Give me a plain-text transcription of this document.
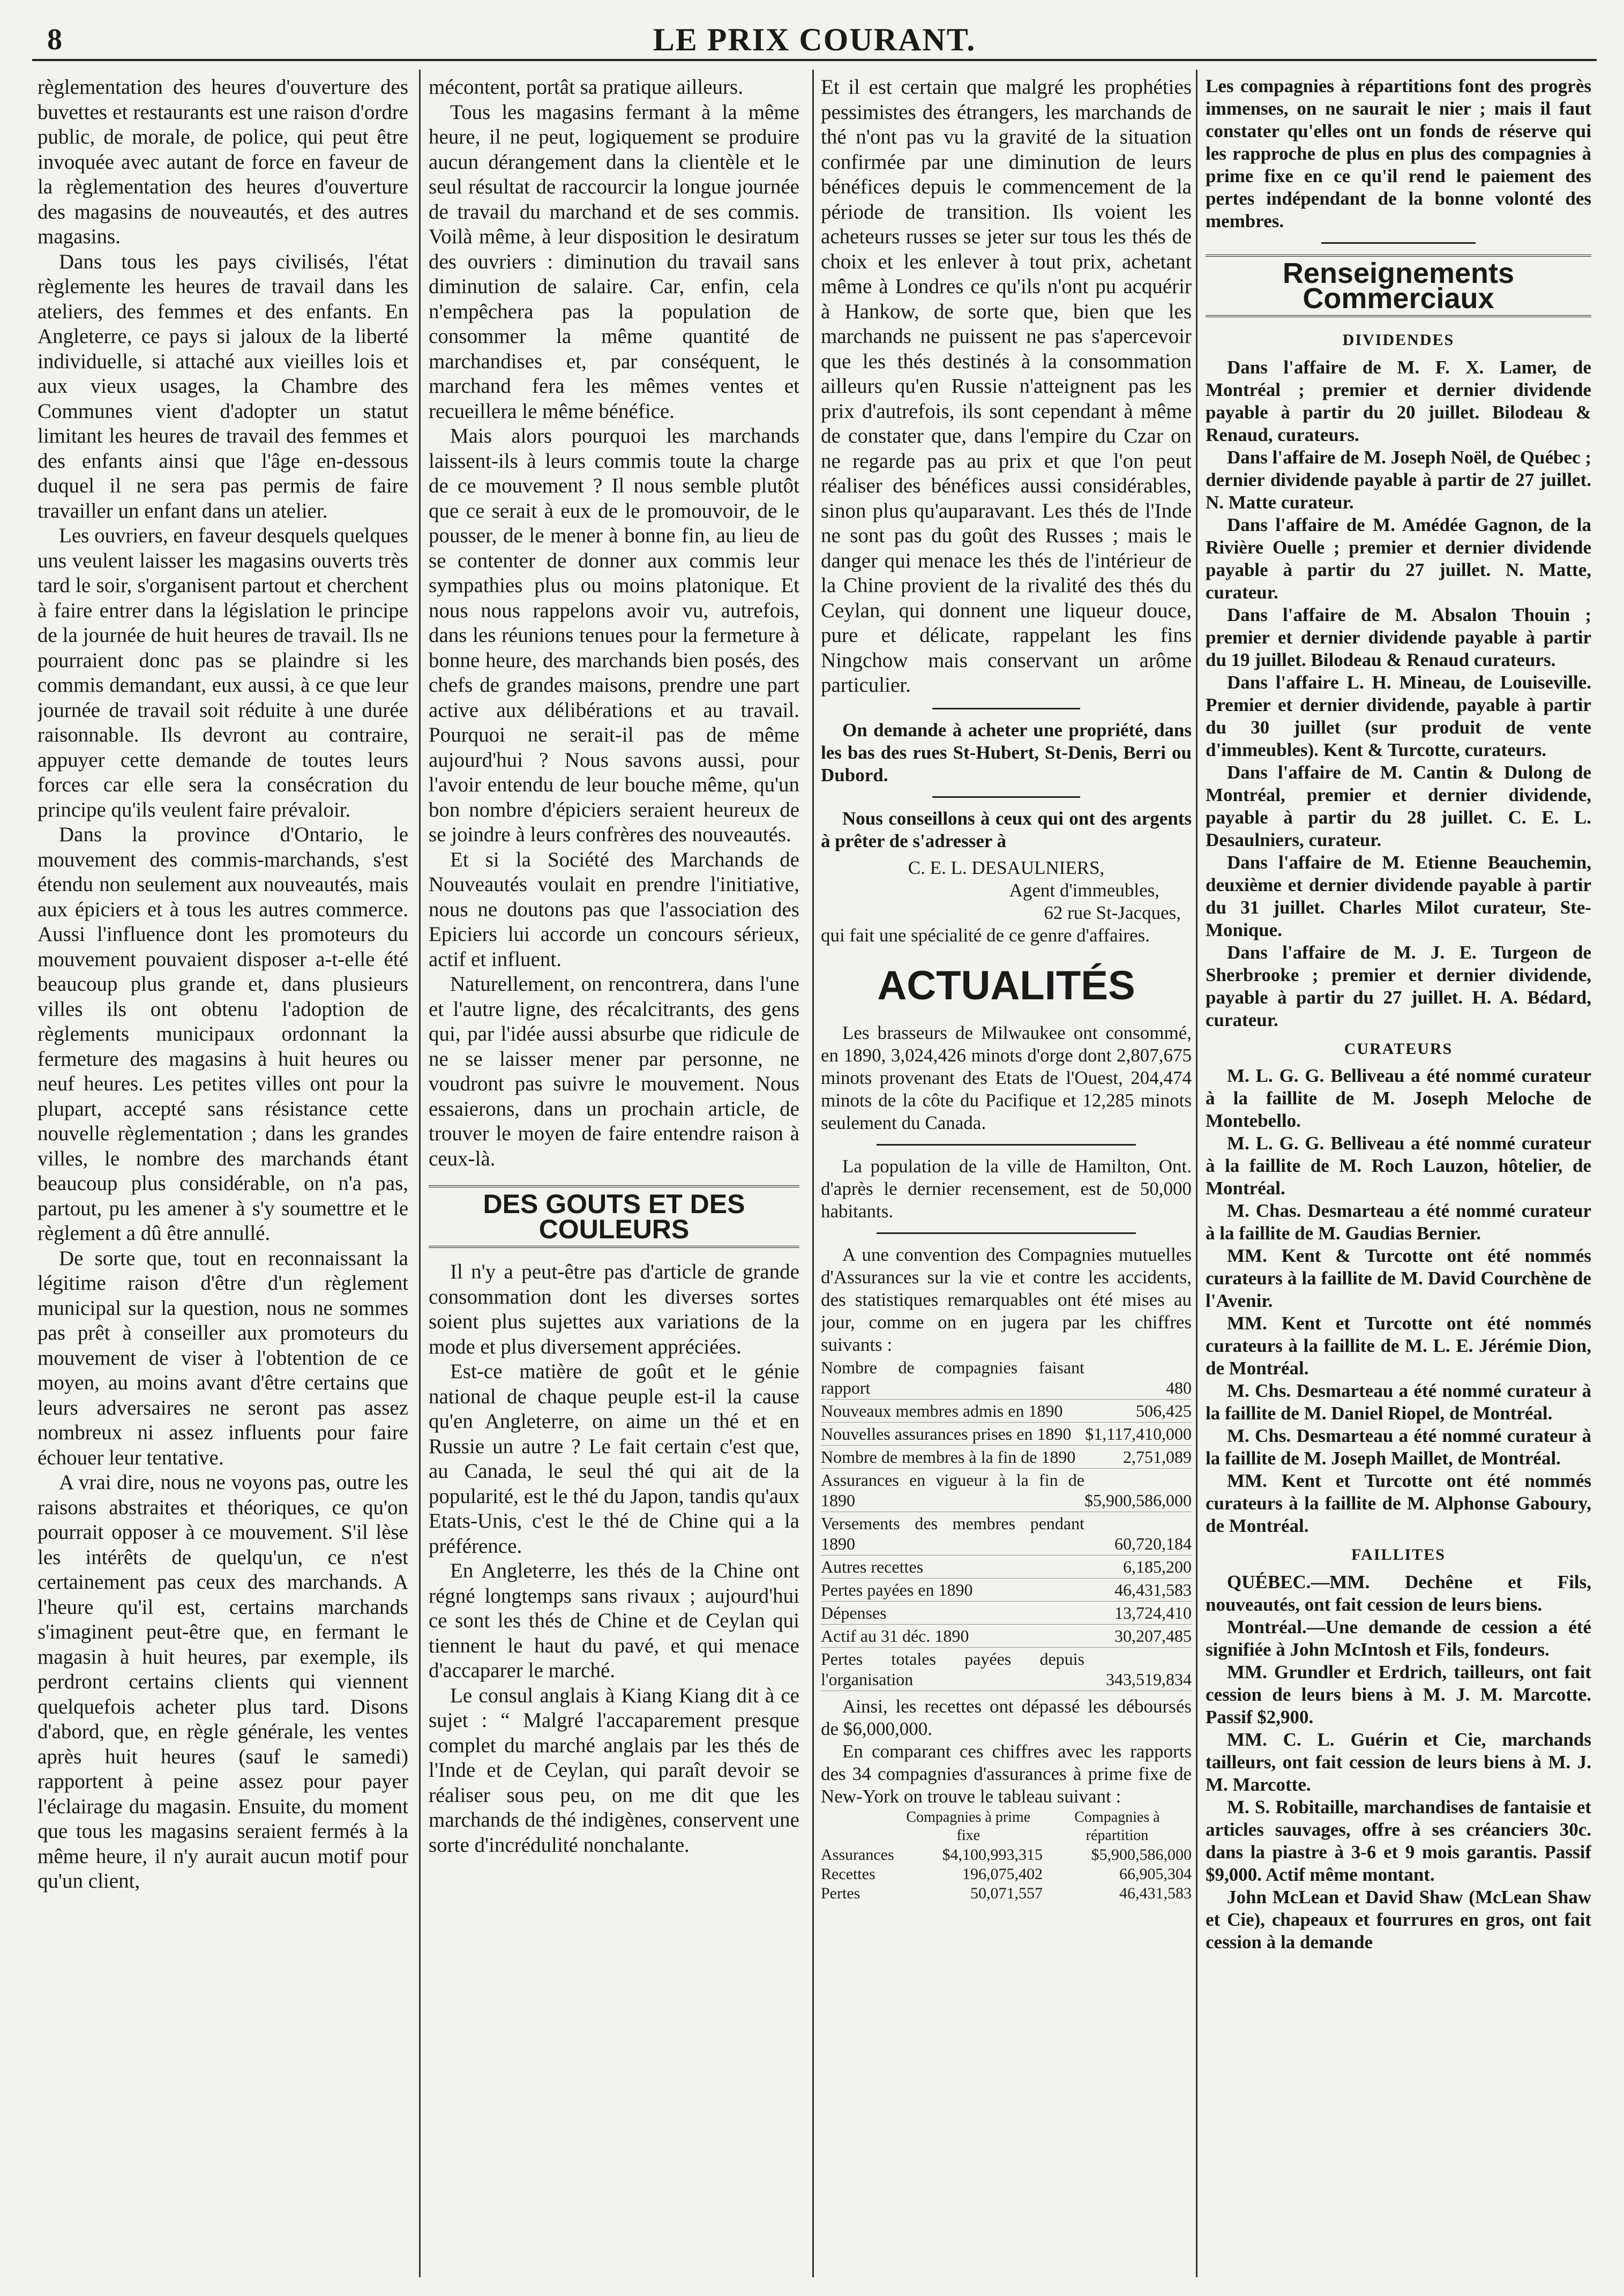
8	LE PRIX COURANT.

règlementation des heures d'ouverture des buvettes et restaurants est une raison d'ordre public, de morale, de police, qui peut être invoquée avec autant de force en faveur de la règlementation des heures d'ouverture des magasins de nouveautés, et des autres magasins.

Dans tous les pays civilisés, l'état règlemente les heures de travail dans les ateliers, des femmes et des enfants. En Angleterre, ce pays si jaloux de la liberté individuelle, si attaché aux vieilles lois et aux vieux usages, la Chambre des Communes vient d'adopter un statut limitant les heures de travail des femmes et des enfants ainsi que l'âge en-dessous duquel il ne sera pas permis de faire travailler un enfant dans un atelier.

Les ouvriers, en faveur desquels quelques uns veulent laisser les magasins ouverts très tard le soir, s'organisent partout et cherchent à faire entrer dans la législation le principe de la journée de huit heures de travail. Ils ne pourraient donc pas se plaindre si les commis demandant, eux aussi, à ce que leur journée de travail soit réduite à une durée raisonnable. Ils devront au contraire, appuyer cette demande de toutes leurs forces car elle sera la consécration du principe qu'ils veulent faire prévaloir.

Dans la province d'Ontario, le mouvement des commis-marchands, s'est étendu non seulement aux nouveautés, mais aux épiciers et à tous les autres commerce. Aussi l'influence dont les promoteurs du mouvement pouvaient disposer a-t-elle été beaucoup plus grande et, dans plusieurs villes ils ont obtenu l'adoption de règlements municipaux ordonnant la fermeture des magasins à huit heures ou neuf heures. Les petites villes ont pour la plupart, accepté sans résistance cette nouvelle règlementation ; dans les grandes villes, le nombre des marchands étant beaucoup plus considérable, on n'a pas, partout, pu les amener à s'y soumettre et le règlement a dû être annullé.

De sorte que, tout en reconnaissant la légitime raison d'être d'un règlement municipal sur la question, nous ne sommes pas prêt à conseiller aux promoteurs du mouvement de viser à l'obtention de ce moyen, au moins avant d'être certains que leurs adversaires ne seront pas assez nombreux ni assez influents pour faire échouer leur tentative.

A vrai dire, nous ne voyons pas, outre les raisons abstraites et théoriques, ce qu'on pourrait opposer à ce mouvement. S'il lèse les intérêts de quelqu'un, ce n'est certainement pas ceux des marchands. A l'heure qu'il est, certains marchands s'imaginent peut-être que, en fermant le magasin à huit heures, par exemple, ils perdront certains clients qui viennent quelquefois acheter plus tard. Disons d'abord, que, en règle générale, les ventes après huit heures (sauf le samedi) rapportent à peine assez pour payer l'éclairage du magasin. Ensuite, du moment que tous les magasins seraient fermés à la même heure, il n'y aurait aucun motif pour qu'un client,

mécontent, portât sa pratique ailleurs.

Tous les magasins fermant à la même heure, il ne peut, logiquement se produire aucun dérangement dans la clientèle et le seul résultat de raccourcir la longue journée de travail du marchand et de ses commis. Voilà même, à leur disposition le desiratum des ouvriers : diminution du travail sans diminution de salaire. Car, enfin, cela n'empêchera pas la population de consommer la même quantité de marchandises et, par conséquent, le marchand fera les mêmes ventes et recueillera le même bénéfice.

Mais alors pourquoi les marchands laissent-ils à leurs commis toute la charge de ce mouvement ? Il nous semble plutôt que ce serait à eux de le promouvoir, de le pousser, de le mener à bonne fin, au lieu de se contenter de donner aux commis leur sympathies plus ou moins platonique. Et nous nous rappelons avoir vu, autrefois, dans les réunions tenues pour la fermeture à bonne heure, des marchands bien posés, des chefs de grandes maisons, prendre une part active aux délibérations et au travail. Pourquoi ne serait-il pas de même aujourd'hui ? Nous savons aussi, pour l'avoir entendu de leur bouche même, qu'un bon nombre d'épiciers seraient heureux de se joindre à leurs confrères des nouveautés.

Et si la Société des Marchands de Nouveautés voulait en prendre l'initiative, nous ne doutons pas que l'association des Epiciers lui accorde un concours sérieux, actif et influent.

Naturellement, on rencontrera, dans l'une et l'autre ligne, des récalcitrants, des gens qui, par l'idée aussi absurbe que ridicule de ne se laisser mener par personne, ne voudront pas suivre le mouvement. Nous essaierons, dans un prochain article, de trouver le moyen de faire entendre raison à ceux-là.

DES GOUTS ET DES COULEURS

Il n'y a peut-être pas d'article de grande consommation dont les diverses sortes soient plus sujettes aux variations de la mode et plus diversement appréciées.

Est-ce matière de goût et le génie national de chaque peuple est-il la cause qu'en Angleterre, on aime un thé et en Russie un autre ? Le fait certain c'est que, au Canada, le seul thé qui ait de la popularité, est le thé du Japon, tandis qu'aux Etats-Unis, c'est le thé de Chine qui a la préférence.

En Angleterre, les thés de la Chine ont régné longtemps sans rivaux ; aujourd'hui ce sont les thés de Chine et de Ceylan qui tiennent le haut du pavé, et qui menace d'accaparer le marché.

Le consul anglais à Kiang Kiang dit à ce sujet : “ Malgré l'accaparement presque complet du marché anglais par les thés de l'Inde et de Ceylan, qui paraît devoir se réaliser sous peu, on me dit que les marchands de thé indigènes, conservent une sorte d'incrédulité nonchalante.

Et il est certain que malgré les prophéties pessimistes des étrangers, les marchands de thé n'ont pas vu la gravité de la situation confirmée par une diminution de leurs bénéfices depuis le commencement de la période de transition. Ils voient les acheteurs russes se jeter sur tous les thés de choix et les enlever à tout prix, achetant même à Londres ce qu'ils n'ont pu acquérir à Hankow, de sorte que, bien que les marchands ne puissent ne pas s'apercevoir que les thés destinés à la consommation ailleurs qu'en Russie n'atteignent pas les prix d'autrefois, ils sont cependant à même de constater que, dans l'empire du Czar on ne regarde pas au prix et que l'on peut réaliser des bénéfices aussi considérables, sinon plus qu'auparavant. Les thés de l'Inde ne sont pas du goût des Russes ; mais le danger qui menace les thés de l'intérieur de la Chine provient de la rivalité des thés du Ceylan, qui donnent une liqueur douce, pure et délicate, rappelant les fins Ningchow mais conservant un arôme particulier.

On demande à acheter une propriété, dans les bas des rues St-Hubert, St-Denis, Berri ou Dubord.

Nous conseillons à ceux qui ont des argents à prêter de s'adresser à

C. E. L. DESAULNIERS,
Agent d'immeubles,
62 rue St-Jacques,

qui fait une spécialité de ce genre d'affaires.

ACTUALITÉS

Les brasseurs de Milwaukee ont consommé, en 1890, 3,024,426 minots d'orge dont 2,807,675 minots provenant des Etats de l'Ouest, 204,474 minots de la côte du Pacifique et 12,285 minots seulement du Canada.

La population de la ville de Hamilton, Ont. d'après le dernier recensement, est de 50,000 habitants.

A une convention des Compagnies mutuelles d'Assurances sur la vie et contre les accidents, des statistiques remarquables ont été mises au jour, comme on en jugera par les chiffres suivants :

Nombre de compagnies faisant rapport	480
Nouveaux membres admis en 1890	506,425
Nouvelles assurances prises en 1890	$1,117,410,000
Nombre de membres à la fin de 1890	2,751,089
Assurances en vigueur à la fin de 1890	$5,900,586,000
Versements des membres pendant 1890	60,720,184
Autres recettes	6,185,200
Pertes payées en 1890	46,431,583
Dépenses	13,724,410
Actif au 31 déc. 1890	30,207,485
Pertes totales payées depuis l'organisation	343,519,834

Ainsi, les recettes ont dépassé les déboursés de $6,000,000.

En comparant ces chiffres avec les rapports des 34 compagnies d'assurances à prime fixe de New-York on trouve le tableau suivant :

	Compagnies à prime fixe	Compagnies à répartition
Assurances	$4,100,993,315	$5,900,586,000
Recettes	196,075,402	66,905,304
Pertes	50,071,557	46,431,583

Les compagnies à répartitions font des progrès immenses, on ne saurait le nier ; mais il faut constater qu'elles ont un fonds de réserve qui les rapproche de plus en plus des compagnies à prime fixe en ce qu'il rend le paiement des pertes indépendant de la bonne volonté des membres.

Renseignements Commerciaux
DIVIDENDES

Dans l'affaire de M. F. X. Lamer, de Montréal ; premier et dernier dividende payable à partir du 20 juillet. Bilodeau & Renaud, curateurs.

Dans l'affaire de M. Joseph Noël, de Québec ; dernier dividende payable à partir de 27 juillet. N. Matte curateur.

Dans l'affaire de M. Amédée Gagnon, de la Rivière Ouelle ; premier et dernier dividende payable à partir du 27 juillet. N. Matte, curateur.

Dans l'affaire de M. Absalon Thouin ; premier et dernier dividende payable à partir du 19 juillet. Bilodeau & Renaud curateurs.

Dans l'affaire L. H. Mineau, de Louiseville. Premier et dernier dividende, payable à partir du 30 juillet (sur produit de vente d'immeubles). Kent & Turcotte, curateurs.

Dans l'affaire de M. Cantin & Dulong de Montréal, premier et dernier dividende, payable à partir du 28 juillet. C. E. L. Desaulniers, curateur.

Dans l'affaire de M. Etienne Beauchemin, deuxième et dernier dividende payable à partir du 31 juillet. Charles Milot curateur, Ste-Monique.

Dans l'affaire de M. J. E. Turgeon de Sherbrooke ; premier et dernier dividende, payable à partir du 27 juillet. H. A. Bédard, curateur.

CURATEURS

M. L. G. G. Belliveau a été nommé curateur à la faillite de M. Joseph Meloche de Montebello.

M. L. G. G. Belliveau a été nommé curateur à la faillite de M. Roch Lauzon, hôtelier, de Montréal.

M. Chas. Desmarteau a été nommé curateur à la faillite de M. Gaudias Bernier.

MM. Kent & Turcotte ont été nommés curateurs à la faillite de M. David Courchène de l'Avenir.

MM. Kent et Turcotte ont été nommés curateurs à la faillite de M. L. E. Jérémie Dion, de Montréal.

M. Chs. Desmarteau a été nommé curateur à la faillite de M. Daniel Riopel, de Montréal.

M. Chs. Desmarteau a été nommé curateur à la faillite de M. Joseph Maillet, de Montréal.

MM. Kent et Turcotte ont été nommés curateurs à la faillite de M. Alphonse Gaboury, de Montréal.

FAILLITES

QUÉBEC.—MM. Dechêne et Fils, nouveautés, ont fait cession de leurs biens.

Montréal.—Une demande de cession a été signifiée à John McIntosh et Fils, fondeurs.

MM. Grundler et Erdrich, tailleurs, ont fait cession de leurs biens à M. J. M. Marcotte. Passif $2,900.

MM. C. L. Guérin et Cie, marchands tailleurs, ont fait cession de leurs biens à M. J. M. Marcotte.

M. S. Robitaille, marchandises de fantaisie et articles sauvages, offre à ses créanciers 30c. dans la piastre à 3-6 et 9 mois garantis. Passif $9,000. Actif même montant.

John McLean et David Shaw (McLean Shaw et Cie), chapeaux et fourrures en gros, ont fait cession à la demande
